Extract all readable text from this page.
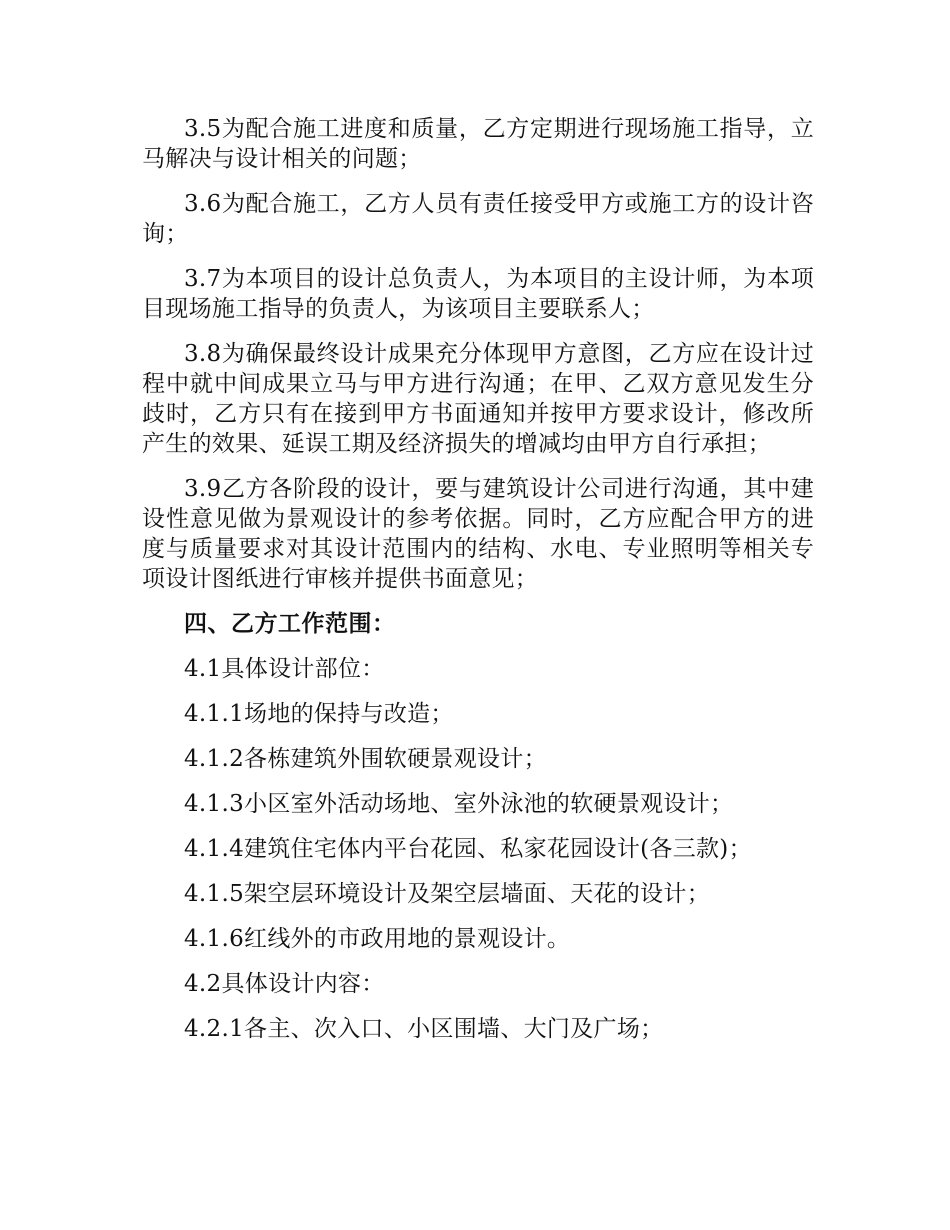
3.5为配合施工进度和质量，乙方定期进行现场施工指导，立马解决与设计相关的问题；

3.6为配合施工，乙方人员有责任接受甲方或施工方的设计咨询；

3.7为本项目的设计总负责人，为本项目的主设计师，为本项目现场施工指导的负责人，为该项目主要联系人；

3.8为确保最终设计成果充分体现甲方意图，乙方应在设计过程中就中间成果立马与甲方进行沟通；在甲、乙双方意见发生分歧时，乙方只有在接到甲方书面通知并按甲方要求设计，修改所产生的效果、延误工期及经济损失的增减均由甲方自行承担；

3.9乙方各阶段的设计，要与建筑设计公司进行沟通，其中建设性意见做为景观设计的参考依据。同时，乙方应配合甲方的进度与质量要求对其设计范围内的结构、水电、专业照明等相关专项设计图纸进行审核并提供书面意见；

四、乙方工作范围：

4.1具体设计部位：

4.1.1场地的保持与改造；

4.1.2各栋建筑外围软硬景观设计；

4.1.3小区室外活动场地、室外泳池的软硬景观设计；

4.1.4建筑住宅体内平台花园、私家花园设计(各三款)；

4.1.5架空层环境设计及架空层墙面、天花的设计；

4.1.6红线外的市政用地的景观设计。

4.2具体设计内容：

4.2.1各主、次入口、小区围墙、大门及广场；
